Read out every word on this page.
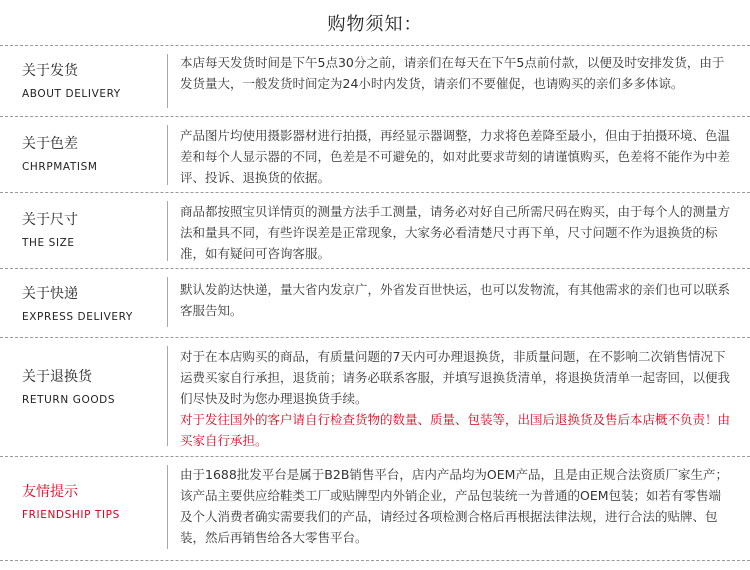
购物须知：
关于发货
ABOUT DELIVERY

本店每天发货时间是下午5点30分之前，请亲们在每天在下午5点前付款，以便及时安排发货，由于发货量大，一般发货时间定为24小时内发货，请亲们不要催促，也请购买的亲们多多体谅。

关于色差
CHRPMATISM

产品图片均使用摄影器材进行拍摄，再经显示器调整，力求将色差降至最小，但由于拍摄环境、色温差和每个人显示器的不同，色差是不可避免的，如对此要求苛刻的请谨慎购买，色差将不能作为中差评、投诉、退换货的依据。

关于尺寸
THE SIZE

商品都按照宝贝详情页的测量方法手工测量，请务必对好自己所需尺码在购买，由于每个人的测量方法和量具不同，有些许误差是正常现象，大家务必看清楚尺寸再下单，尺寸问题不作为退换货的标准，如有疑问可咨询客服。

关于快递
EXPRESS DELIVERY

默认发韵达快递，量大省内发京广，外省发百世快运，也可以发物流，有其他需求的亲们也可以联系客服告知。

关于退换货
RETURN GOODS

对于在本店购买的商品，有质量问题的7天内可办理退换货，非质量问题，在不影响二次销售情况下运费买家自行承担，退货前；请务必联系客服，并填写退换货清单，将退换货清单一起寄回，以便我们尽快及时为您办理退换货手续。

对于发往国外的客户请自行检查货物的数量、质量、包装等，出国后退换货及售后本店概不负责！由买家自行承担。

友情提示
FRIENDSHIP TIPS

由于1688批发平台是属于B2B销售平台，店内产品均为OEM产品，且是由正规合法资质厂家生产；该产品主要供应给鞋类工厂或贴牌型内外销企业，产品包装统一为普通的OEM包装；如若有零售端及个人消费者确实需要我们的产品，请经过各项检测合格后再根据法律法规，进行合法的贴牌、包装，然后再销售给各大零售平台。
